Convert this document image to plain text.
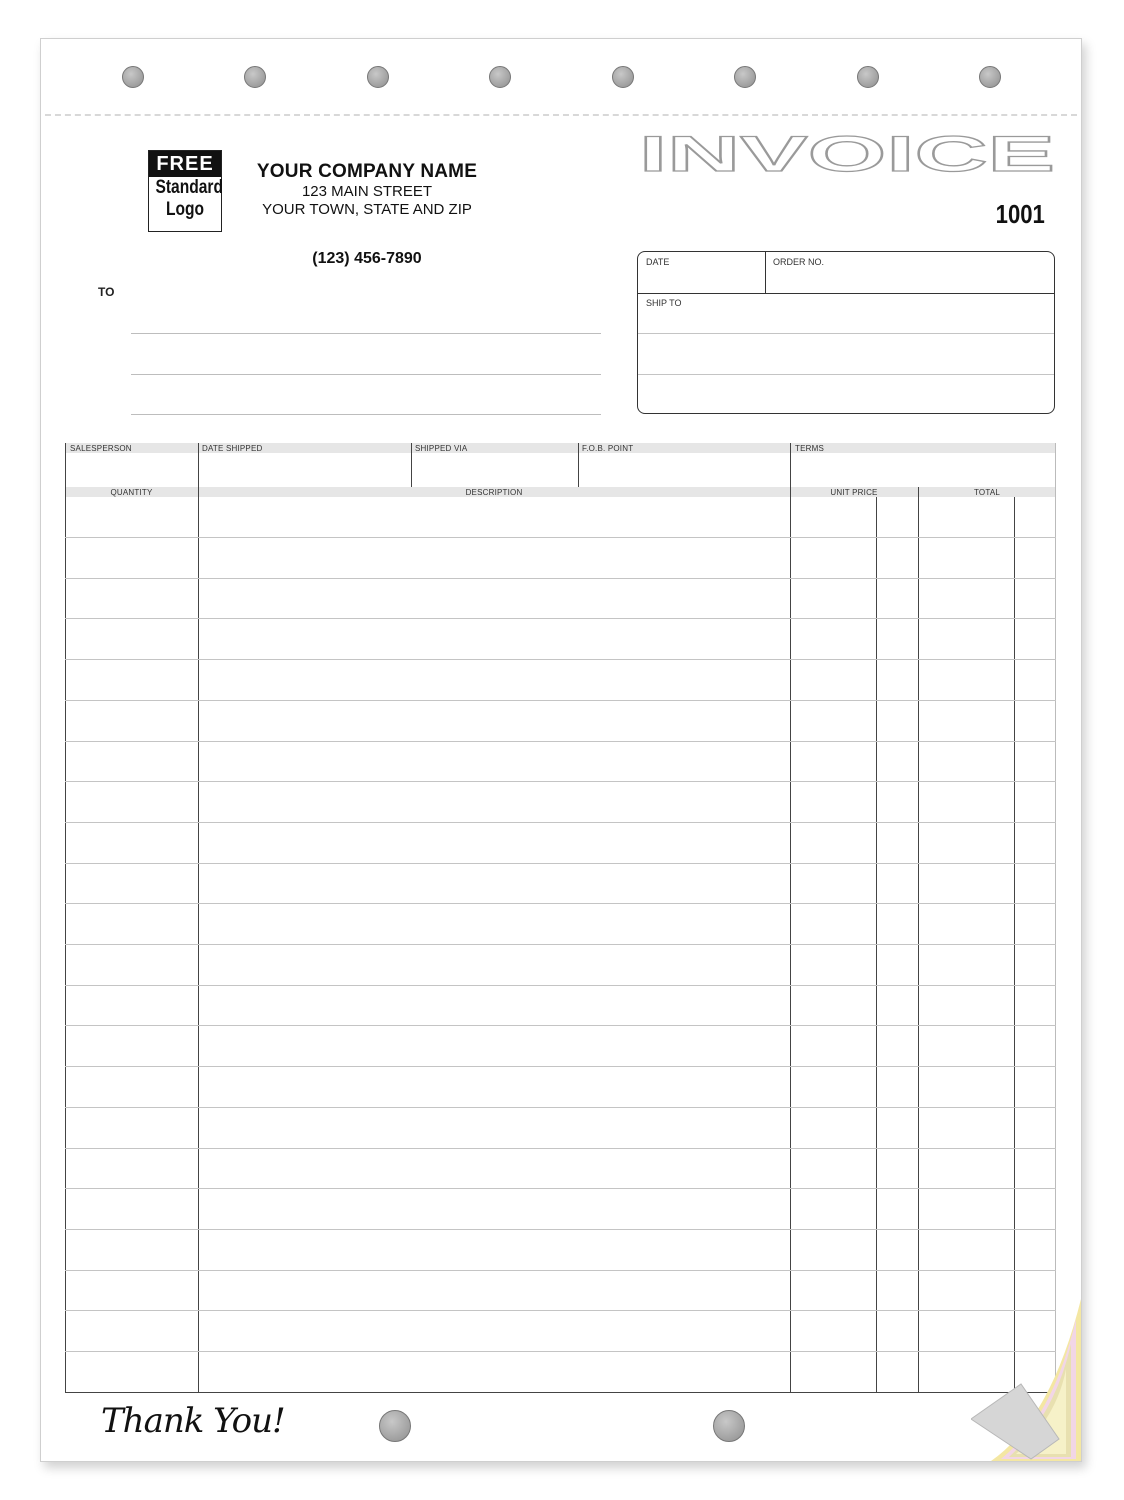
FREE
Standard
Logo
YOUR COMPANY NAME
123 MAIN STREET
YOUR TOWN, STATE AND ZIP
(123) 456-7890
TO
INVOICE
1001
DATE	ORDER NO.
SHIP TO
SALESPERSON	DATE SHIPPED	SHIPPED VIA	F.O.B. POINT	TERMS
QUANTITY	DESCRIPTION	UNIT PRICE	TOTAL
Thank You!
